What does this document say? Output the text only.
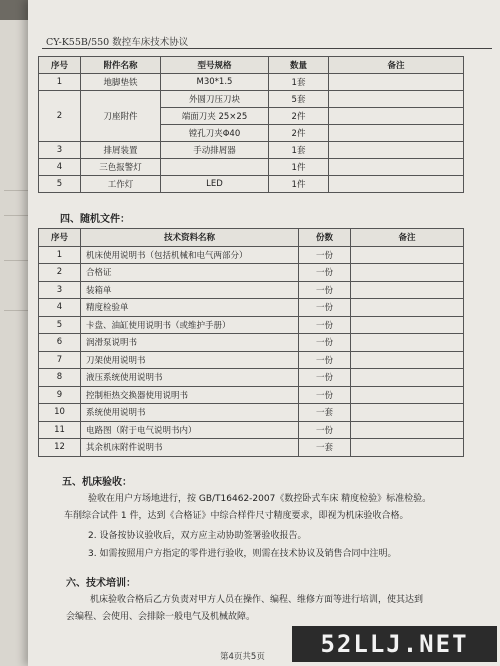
CY-K55B/550 数控车床技术协议
序号	附件名称	型号规格	数量	备注
1	地脚垫铁	M30*1.5	1套	
2	刀座附件	外圆刀压刀块	5套	
		端面刀夹 25×25	2件	
		镗孔刀夹Φ40	2件	
3	排屑装置	手动排屑器	1套	
4	三色报警灯		1件	
5	工作灯	LED	1件	
四、随机文件：
序号	技术资料名称	份数	备注
1	机床使用说明书（包括机械和电气两部分）	一份	
2	合格证	一份	
3	装箱单	一份	
4	精度检验单	一份	
5	卡盘、油缸使用说明书（或维护手册）	一份	
6	润滑泵说明书	一份	
7	刀架使用说明书	一份	
8	液压系统使用说明书	一份	
9	控制柜热交换器使用说明书	一份	
10	系统使用说明书	一套	
11	电路图（附于电气说明书内）	一份	
12	其余机床附件说明书	一套	
五、机床验收：
验收在用户方场地进行，按 GB/T16462-2007《数控卧式车床 精度检验》标准检验。
车削综合试件 1 件，达到《合格证》中综合样件尺寸精度要求，即视为机床验收合格。
2. 设备按协议验收后，双方应主动协助签署验收报告。
3. 如需按照用户方指定的零件进行验收，则需在技术协议及销售合同中注明。
六、技术培训：
机床验收合格后乙方负责对甲方人员在操作、编程、维修方面等进行培训，使其达到
会编程、会使用、会排除一般电气及机械故障。
第4页共5页	52LLJ.NET
